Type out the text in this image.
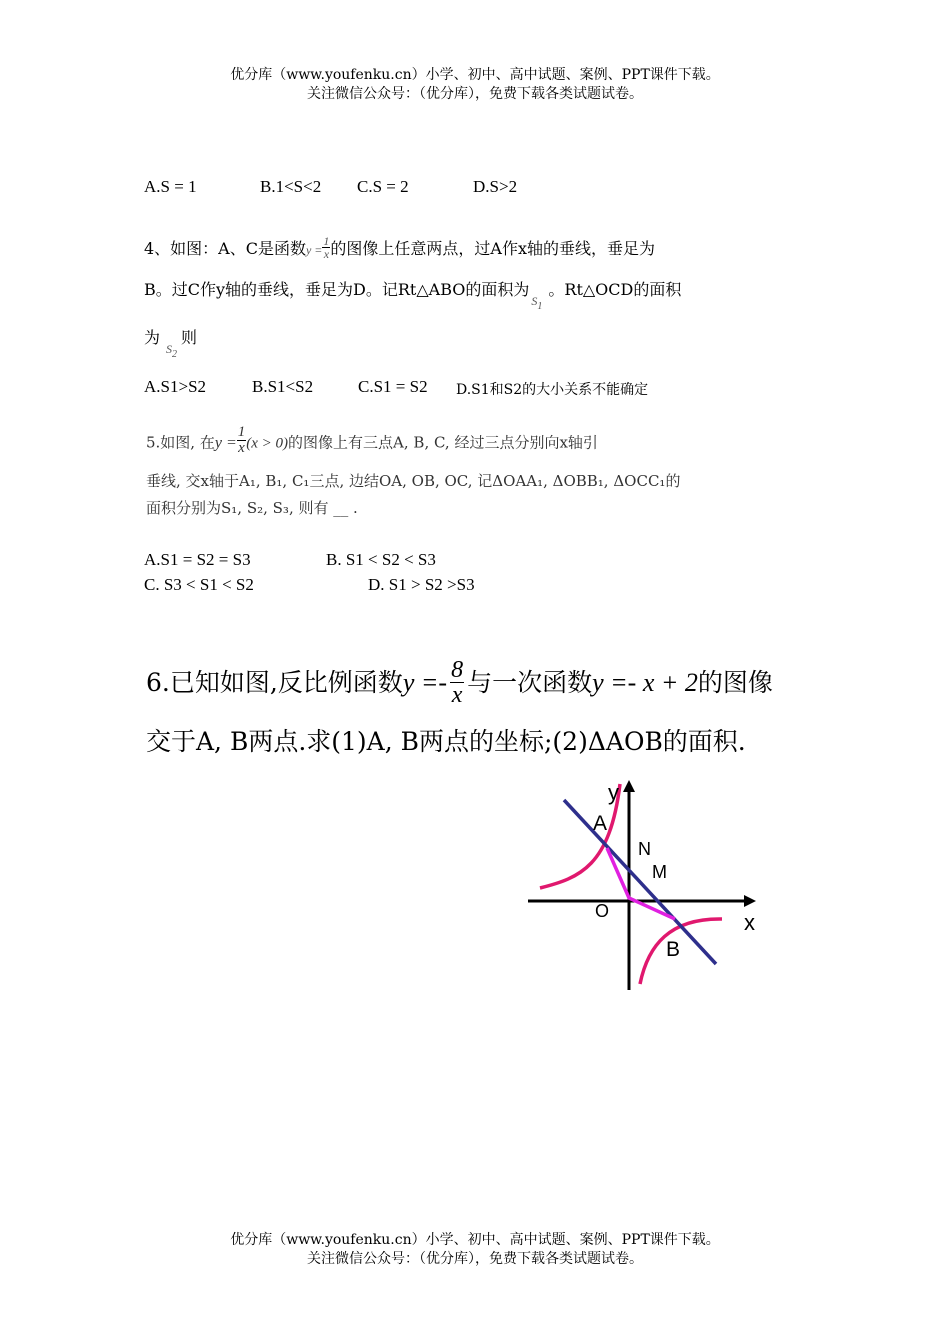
优分库（www.youfenku.cn）小学、初中、高中试题、案例、PPT课件下载。
关注微信公众号：（优分库），免费下载各类试题试卷。
A.S = 1	B.1<S<2 C.S = 2	D.S>2
4、如图：A、C是函数$y = \frac{1}{x}$ 的图像上任意两点，过A作x轴的垂线，垂足为
B。过C作y轴的垂线，垂足为D。记Rt△ABO的面积为$_{S_1}$。Rt△OCD的面积
为$_{S_2}$则
A.S1>S2	B.S1<S2	C.S1 = S2 D.S1和S2的大小关系不能确定
5.如图, 在$y = \frac{1}{x} (x > 0)$的图像上有三点A, B, C, 经过三点分别向x轴引
垂线, 交x轴于A₁, B₁, C₁三点, 边结OA, OB, OC, 记ΔOAA₁, ΔOBB₁, ΔOCC₁的
面积分别为S₁, S₂, S₃, 则有 __ .
A.S1 = S2 = S3	B. S1 < S2 < S3
C. S3 < S1 < S2	D. S1 > S2 >S3
6.已知如图,反比例函数$y =- \frac{8}{x}$ 与一次函数y =- x + 2的图像
交于A, B两点.求(1)A, B两点的坐标;(2)ΔAOB的面积.
y
x
A
N
M
O
B
优分库（www.youfenku.cn）小学、初中、高中试题、案例、PPT课件下载。
关注微信公众号：（优分库），免费下载各类试题试卷。
